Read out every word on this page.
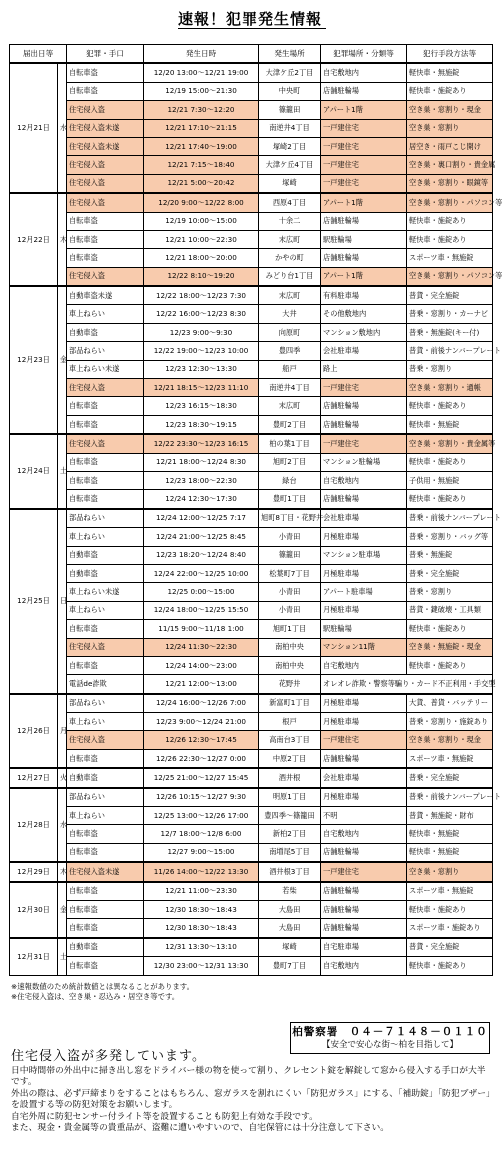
速報！犯罪発生情報
届出日等		犯罪・手口	発生日時	発生場所	犯罪場所・分類等	犯行手段方法等
12月21日	水	自転車盗	12/20 13:00～12/21 19:00	大津ケ丘2丁目	自宅敷地内	軽快車・無施錠
		自転車盗	12/19 15:00～21:30	中央町	店舗駐輪場	軽快車・施錠あり
		住宅侵入盗	12/21 7:30～12:20	篠籠田	アパート1階	空き巣・窓割り・現金
		住宅侵入盗未遂	12/21 17:10～21:15	南逆井4丁目	一戸建住宅	空き巣・窓割り
		住宅侵入盗未遂	12/21 17:40～19:00	塚崎2丁目	一戸建住宅	居空き・雨戸こじ開け
		住宅侵入盗	12/21 7:15～18:40	大津ケ丘4丁目	一戸建住宅	空き巣・裏口割り・貴金属
		住宅侵入盗	12/21 5:00～20:42	塚崎	一戸建住宅	空き巣・窓割り・眼鏡等
12月22日	木	住宅侵入盗	12/20 9:00～12/22 8:00	西原4丁目	アパート1階	空き巣・窓割り・パソコン等
		自転車盗	12/19 10:00～15:00	十余二	店舗駐輪場	軽快車・施錠あり
		自転車盗	12/21 10:00～22:30	末広町	駅駐輪場	軽快車・施錠あり
		自転車盗	12/21 18:00～20:00	かやの町	店舗駐輪場	スポーツ車・無施錠
		住宅侵入盗	12/22 8:10～19:20	みどり台1丁目	アパート1階	空き巣・窓割り・パソコン等
12月23日	金	自動車盗未遂	12/22 18:00～12/23 7:30	末広町	有料駐車場	普貨・完全施錠
		車上ねらい	12/22 16:00～12/23 8:30	大井	その他敷地内	普乗・窓割り・カーナビ
		自動車盗	12/23 9:00～9:30	向原町	マンション敷地内	普乗・無施錠(キー付)
		部品ねらい	12/22 19:00～12/23 10:00	豊四季	会社駐車場	普貨・前後ナンバープレート
		車上ねらい未遂	12/23 12:30～13:30	船戸	路上	普乗・窓割り
		住宅侵入盗	12/21 18:15～12/23 11:10	南逆井4丁目	一戸建住宅	空き巣・窓割り・通帳
		自転車盗	12/23 16:15～18:30	末広町	店舗駐輪場	軽快車・施錠あり
		自転車盗	12/23 18:30～19:15	豊町2丁目	店舗駐輪場	軽快車・無施錠
12月24日	土	住宅侵入盗	12/22 23:30～12/23 16:15	柏の葉1丁目	一戸建住宅	空き巣・窓割り・貴金属等
		自転車盗	12/21 18:00～12/24 8:30	旭町2丁目	マンション駐輪場	軽快車・施錠あり
		自転車盗	12/23 18:00～22:30	緑台	自宅敷地内	子供用・無施錠
		自転車盗	12/24 12:30～17:30	豊町1丁目	店舗駐輪場	軽快車・施錠あり
12月25日	日	部品ねらい	12/24 12:00～12/25 7:17	旭町8丁目・花野井	会社駐車場	普乗・前後ナンバープレート
		車上ねらい	12/24 21:00～12/25 8:45	小青田	月極駐車場	普乗・窓割り・バッグ等
		自動車盗	12/23 18:20～12/24 8:40	篠籠田	マンション駐車場	普乗・無施錠
		自動車盗	12/24 22:00～12/25 10:00	松葉町7丁目	月極駐車場	普乗・完全施錠
		車上ねらい未遂	12/25 0:00～15:00	小青田	アパート駐車場	普乗・窓割り
		車上ねらい	12/24 18:00～12/25 15:50	小青田	月極駐車場	普貨・鍵破壊・工具類
		自転車盗	11/15 9:00～11/18 1:00	旭町1丁目	駅駐輪場	軽快車・施錠あり
		住宅侵入盗	12/24 11:30～22:30	南柏中央	マンション11階	空き巣・無施錠・現金
		自転車盗	12/24 14:00～23:00	南柏中央	自宅敷地内	軽快車・施錠あり
		電話de詐欺	12/21 12:00～13:00	花野井	オレオレ詐欺・警察等騙り・カード不正利用・手交型	
12月26日	月	部品ねらい	12/24 16:00～12/26 7:00	新富町1丁目	月極駐車場	大貨、普貨・バッテリー
		車上ねらい	12/23 9:00～12/24 21:00	根戸	月極駐車場	普乗・窓割り・施錠あり
		住宅侵入盗	12/26 12:30～17:45	高南台3丁目	一戸建住宅	空き巣・窓割り・現金
		自転車盗	12/26 22:30～12/27 0:00	中原2丁目	店舗駐輪場	スポーツ車・無施錠
12月27日	火	自動車盗	12/25 21:00～12/27 15:45	酒井根	会社駐車場	普乗・完全施錠
12月28日	水	部品ねらい	12/26 10:15～12/27 9:30	明原1丁目	月極駐車場	普乗・前後ナンバープレート
		車上ねらい	12/25 13:00～12/26 17:00	豊四季～篠籠田	不明	普貨・無施錠・財布
		自転車盗	12/7 18:00～12/8 6:00	新柏2丁目	自宅敷地内	軽快車・無施錠
		自転車盗	12/27 9:00～15:00	南増尾5丁目	店舗駐輪場	軽快車・無施錠
12月29日	木	住宅侵入盗未遂	11/26 14:00～12/22 13:30	酒井根3丁目	一戸建住宅	空き巣・窓割り
12月30日	金	自転車盗	12/21 11:00～23:30	若柴	店舗駐輪場	スポーツ車・無施錠
		自転車盗	12/30 18:30～18:43	大島田	店舗駐輪場	軽快車・施錠あり
		自転車盗	12/30 18:30～18:43	大島田	店舗駐輪場	スポーツ車・施錠あり
12月31日	土	自動車盗	12/31 13:30～13:10	塚崎	自宅駐車場	普貨・完全施錠
		自転車盗	12/30 23:00～12/31 13:30	豊町7丁目	自宅敷地内	軽快車・施錠あり
※速報数値のため統計数値とは異なることがあります。
※住宅侵入盗は、空き巣・忍込み・居空き等です。
柏警察署　０４－７１４８－０１１０
【安全で安心な街～柏を目指して】
住宅侵入盗が多発しています。
日中時間帯の外出中に掃き出し窓をドライバー様の物を使って割り、クレセント錠を解錠して窓から侵入する手口が大半です。
外出の際は、必ず戸締まりをすることはもちろん、窓ガラスを割れにくい「防犯ガラス」にする、「補助錠」「防犯ブザー」を設置する等の防犯対策をお願いします。
自宅外周に防犯センサー付ライト等を設置することも防犯上有効な手段です。
また、現金・貴金属等の貴重品が、盗難に遭いやすいので、自宅保管には十分注意して下さい。
